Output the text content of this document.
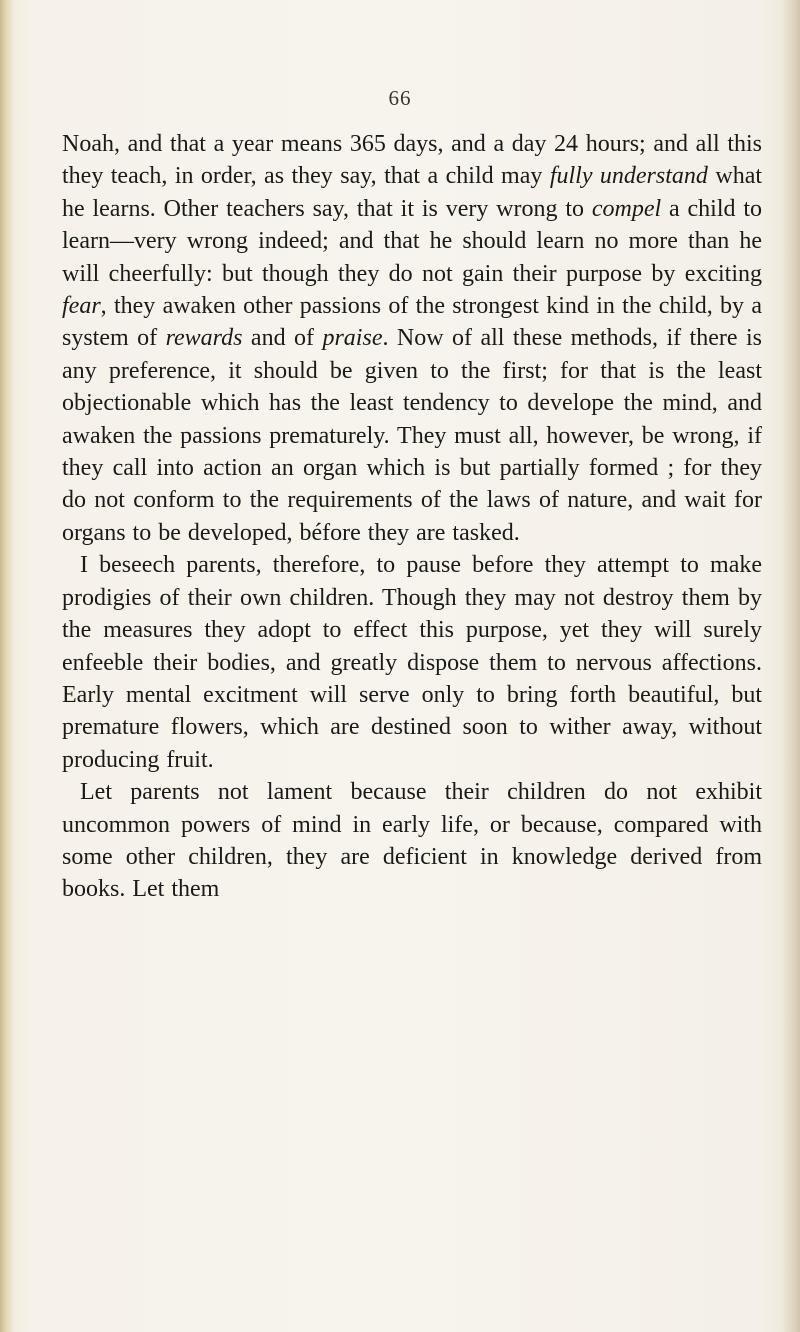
66

Noah, and that a year means 365 days, and a day 24 hours; and all this they teach, in order, as they say, that a child may fully understand what he learns. Other teachers say, that it is very wrong to compel a child to learn—very wrong indeed; and that he should learn no more than he will cheerfully: but though they do not gain their purpose by exciting fear, they awaken other passions of the strongest kind in the child, by a system of rewards and of praise. Now of all these methods, if there is any preference, it should be given to the first; for that is the least objectionable which has the least tendency to develope the mind, and awaken the passions prematurely. They must all, however, be wrong, if they call into action an organ which is but partially formed ; for they do not conform to the requirements of the laws of nature, and wait for organs to be developed, béfore they are tasked.

I beseech parents, therefore, to pause before they attempt to make prodigies of their own children. Though they may not destroy them by the measures they adopt to effect this purpose, yet they will surely enfeeble their bodies, and greatly dispose them to nervous affections. Early mental excitment will serve only to bring forth beautiful, but premature flowers, which are destined soon to wither away, without producing fruit.

Let parents not lament because their children do not exhibit uncommon powers of mind in early life, or because, compared with some other children, they are deficient in knowledge derived from books. Let them
